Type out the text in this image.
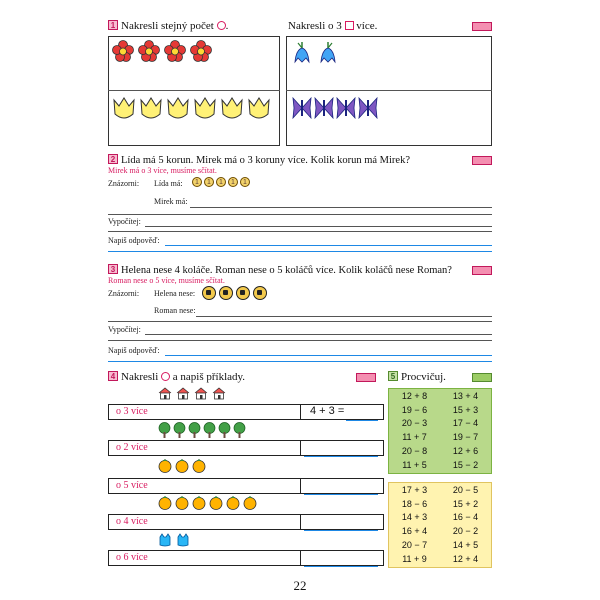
1 Nakresli stejný počet .	Nakresli o 3 více.
2 Lída má 5 korun. Mirek má o 3 koruny více. Kolik korun má Mirek?
Mirek má o 3 více, musíme sčítat.
Znázorni: Lída má:	1	1	1	1	1
Mirek má:
Vypočítej:
Napiš odpověď:
3 Helena nese 4 koláče. Roman nese o 5 koláčů více. Kolik koláčů nese Roman?
Roman nese o 5 více, musíme sčítat.
Znázorni: Helena nese:
Roman nese:
Vypočítej:
Napiš odpověď:
4 Nakresli a napiš příklady.
o 3 více	4 + 3 =
o 2 více
o 5 více
o 4 více
o 6 více
5 Procvičuj.
12 + 8	13 + 4
19 − 6	15 + 3
20 − 3	17 − 4
11 + 7	19 − 7
20 − 8	12 + 6
11 + 5	15 − 2
17 + 3	20 − 5
18 − 6	15 + 2
14 + 3	16 − 4
16 + 4	20 − 2
20 − 7	14 + 5
11 + 9	12 + 4
22
